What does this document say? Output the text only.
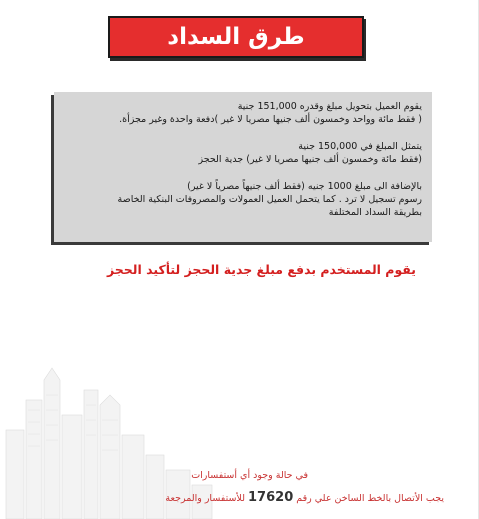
طرق السداد
يقوم العميل بتحويل مبلغ وقدره 151,000 جنية
( فقط مائة وواحد وخمسون ألف جنيها مصريا لا غير )دفعة واحدة وغير مجزأة.
يتمثل المبلغ في 150,000 جنية
(فقط مائة وخمسون ألف جنيها مصريا لا غير) جدية الحجز
بالإضافة الى مبلغ 1000 جنيه (فقط ألف جنيهاً مصرياً لا غير)
رسوم تسجيل لا ترد . كما يتحمل العميل العمولات والمصروفات البنكية الخاصة
بطريقة السداد المختلفة
يقوم المستخدم بدفع مبلغ جدية الحجز لتأكيد الحجز
في حالة وجود أي أستفسارات
يجب الأتصال بالخط الساخن علي رقم 17620 للأستفسار والمرجعة
